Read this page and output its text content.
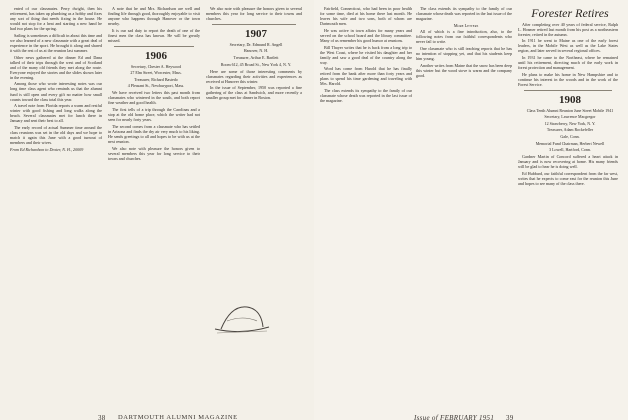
ented of our classmates. Perry dwight, then his retirement, has taken up plumbing as a hobby and fixes any sort of thing that needs fixing in the house. He would not stop for a heat and starting a new hand he had two plans for the spring.

Sailing is sometimes a difficult in about this time and we also learned of a new classmate with a great deal of experience in the sport. He brought it along and shared it with the rest of us at the reunion last summer.

Other news gathered at the dinner Ed and Dana talked of their trips through the west and of Scotland and of the many old friends they met along the route. Everyone enjoyed the stories and the slides shown later in the evening.

Among those who wrote interesting notes was our long time class agent who reminds us that the alumni fund is still open and every gift no matter how small counts toward the class total this year.

A travel note from Florida reports a warm and restful winter with good fishing and long walks along the beach. Several classmates met for lunch there in January and sent their best to all.

The early record of actual Summer time around the class reunions was set in the old days and we hope to match it again this June with a good turnout of members and their wives.

From Ed Richardson to Dexter, N. H., 20009

A note that he and Mrs. Richardson are well and finding life through good, thoroughly enjoyable to visit anyone who happens through Hanover or the town nearby.

It is our sad duty to report the death of one of the finest men the class has known. He will be greatly missed.

1906

Secretary, Chester A. Heywood

27 Elm Street, Worcester, Mass.

Treasurer, Richard Bastedo

4 Pleasant St., Newburyport, Mass.

We have received two letters this past month from classmates who wintered in the south, and both report fine weather and good health.

The first tells of a trip through the Carolinas and a stop at the old home place, which the writer had not seen for nearly forty years.

The second comes from a classmate who has settled in Arizona and finds the dry air very much to his liking. He sends greetings to all and hopes to be with us at the next reunion.

We also note with pleasure the honors given to several members this year for long service to their towns and churches.

We also note with pleasure the honors given to several members this year for long service to their towns and churches.

1907

Secretary, Dr. Edmund R. Angell

Hanover, N. H.

Treasurer, Arthur E. Bartlett

Room 612, 45 Broad St., New York 4, N. Y.

Here are some of those interesting comments by classmates regarding their activities and experiences as received at Hanover this winter.

In the issue of September, 1950 was reported a fine gathering of the class at Sandwich, and more recently a smaller group met for dinner in Boston.

38 DARTMOUTH ALUMNI MAGAZINE

Fairfield, Connecticut, who had been in poor health for some time, died at his home there last month. He leaves his wife and two sons, both of whom are Dartmouth men.

He was active in town affairs for many years and served on the school board and the library committee. Many of us remember his good humor at reunions.

Bill Thayer writes that he is back from a long trip to the West Coast, where he visited his daughter and her family and saw a good deal of the country along the way.

Word has come from Harold that he has finally retired from the bank after more than forty years and plans to spend his time gardening and traveling with Mrs. Harold.

The class extends its sympathy to the family of our classmate whose death was reported in the last issue of the magazine.

The class extends its sympathy to the family of our classmate whose death was reported in the last issue of the magazine.

More Letters

All of which is a fine introduction, also, to the following notes from our faithful correspondents who never fail to write.

One classmate who is still teaching reports that he has no intention of stopping yet, and that his students keep him young.

Another writes from Maine that the snow has been deep this winter but the wood stove is warm and the company good.

Forester Retires

After completing over 40 years of federal service, Ralph L. Hosmer retired last month from his post as a northeastern forester, retired in the autumn.

In 1911 he went to Maine as one of the early forest leaders, in the Mobile West as well as the Lake States region, and later served in several regional offices.

In 1931 he came to the Northeast, where he remained until his retirement, directing much of the early work in forest protection and management.

He plans to make his home in New Hampshire and to continue his interest in the woods and in the work of the Forest Service.

1908

Class Tenth Alumni Reunion June Street Mobile 1941

Secretary, Lawrence Macgregor

12 Strawberry, New York, N. Y.

Treasurer, Adam Rockefeller

Gale, Conn.

Memorial Fund Chairman, Herbert Newell

3 Lowell, Hartford, Conn.

Gardner Martin of Concord suffered a heart attack in January and is now recovering at home. His many friends will be glad to hear he is doing well.

Ed Hubbard, our faithful correspondent from the far west, writes that he expects to come east for the reunion this June and hopes to see many of the class there.

Issue of FEBRUARY 1951 39
